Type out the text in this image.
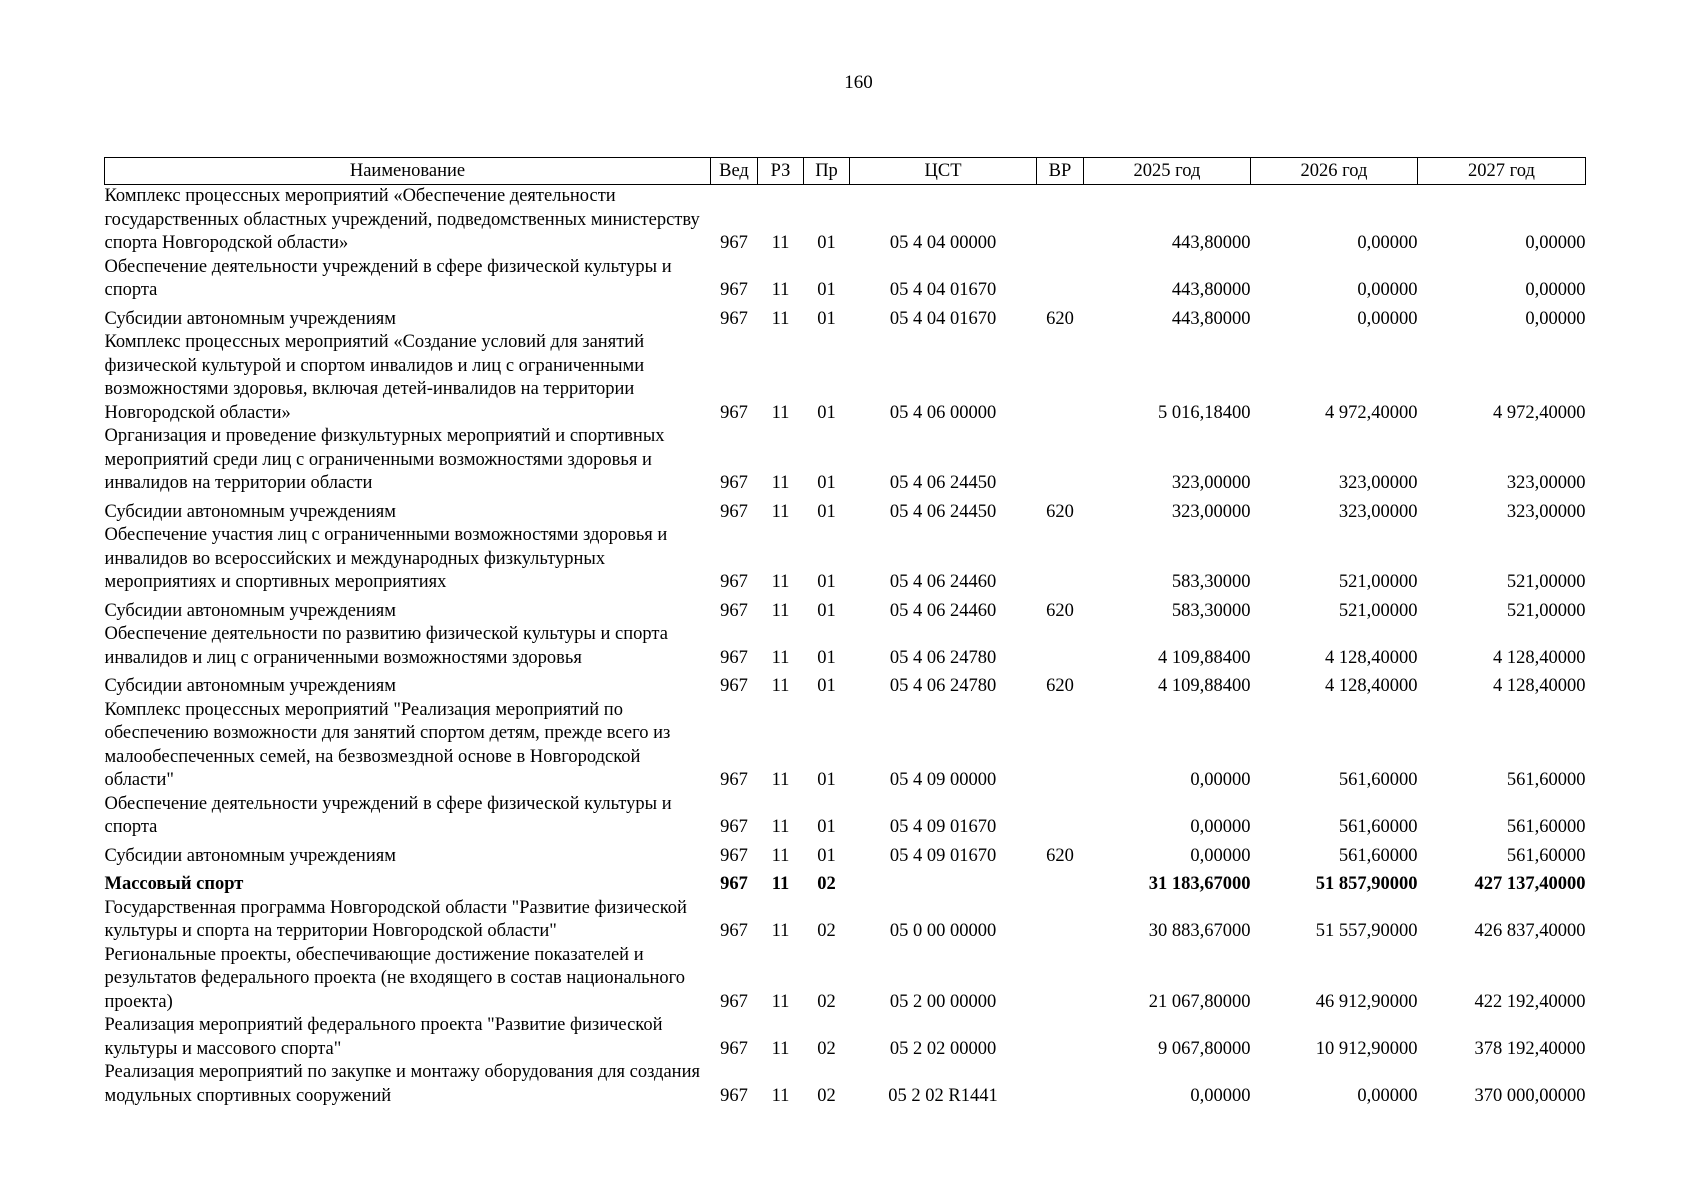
160
Наименование	Вед	РЗ	Пр	ЦСТ	ВР	2025 год	2026 год	2027 год
Комплекс процессных мероприятий «Обеспечение деятельности государственных областных учреждений, подведомственных министерству спорта Новгородской области»	967	11	01	05 4 04 00000		443,80000	0,00000	0,00000
Обеспечение деятельности учреждений в сфере физической культуры и спорта	967	11	01	05 4 04 01670		443,80000	0,00000	0,00000
Субсидии автономным учреждениям	967	11	01	05 4 04 01670	620	443,80000	0,00000	0,00000
Комплекс процессных мероприятий «Создание условий для занятий физической культурой и спортом инвалидов и лиц с ограниченными возможностями здоровья, включая детей-инвалидов на территории Новгородской области»	967	11	01	05 4 06 00000		5 016,18400	4 972,40000	4 972,40000
Организация и проведение физкультурных мероприятий и спортивных мероприятий среди лиц с ограниченными возможностями здоровья и инвалидов на территории области	967	11	01	05 4 06 24450		323,00000	323,00000	323,00000
Субсидии автономным учреждениям	967	11	01	05 4 06 24450	620	323,00000	323,00000	323,00000
Обеспечение участия лиц с ограниченными возможностями здоровья и инвалидов во всероссийских и международных физкультурных мероприятиях и спортивных мероприятиях	967	11	01	05 4 06 24460		583,30000	521,00000	521,00000
Субсидии автономным учреждениям	967	11	01	05 4 06 24460	620	583,30000	521,00000	521,00000
Обеспечение деятельности по развитию физической культуры и спорта инвалидов и лиц с ограниченными возможностями здоровья	967	11	01	05 4 06 24780		4 109,88400	4 128,40000	4 128,40000
Субсидии автономным учреждениям	967	11	01	05 4 06 24780	620	4 109,88400	4 128,40000	4 128,40000
Комплекс процессных мероприятий "Реализация мероприятий по обеспечению возможности для занятий спортом детям, прежде всего из малообеспеченных семей, на безвозмездной основе в Новгородской области"	967	11	01	05 4 09 00000		0,00000	561,60000	561,60000
Обеспечение деятельности учреждений в сфере физической культуры и спорта	967	11	01	05 4 09 01670		0,00000	561,60000	561,60000
Субсидии автономным учреждениям	967	11	01	05 4 09 01670	620	0,00000	561,60000	561,60000
Массовый спорт	967	11	02			31 183,67000	51 857,90000	427 137,40000
Государственная программа Новгородской области "Развитие физической культуры и спорта на территории Новгородской области"	967	11	02	05 0 00 00000		30 883,67000	51 557,90000	426 837,40000
Региональные проекты, обеспечивающие достижение показателей и результатов федерального проекта (не входящего в состав национального проекта)	967	11	02	05 2 00 00000		21 067,80000	46 912,90000	422 192,40000
Реализация мероприятий федерального проекта "Развитие физической культуры и массового спорта"	967	11	02	05 2 02 00000		9 067,80000	10 912,90000	378 192,40000
Реализация мероприятий по закупке и монтажу оборудования для создания модульных спортивных сооружений	967	11	02	05 2 02 R1441		0,00000	0,00000	370 000,00000
